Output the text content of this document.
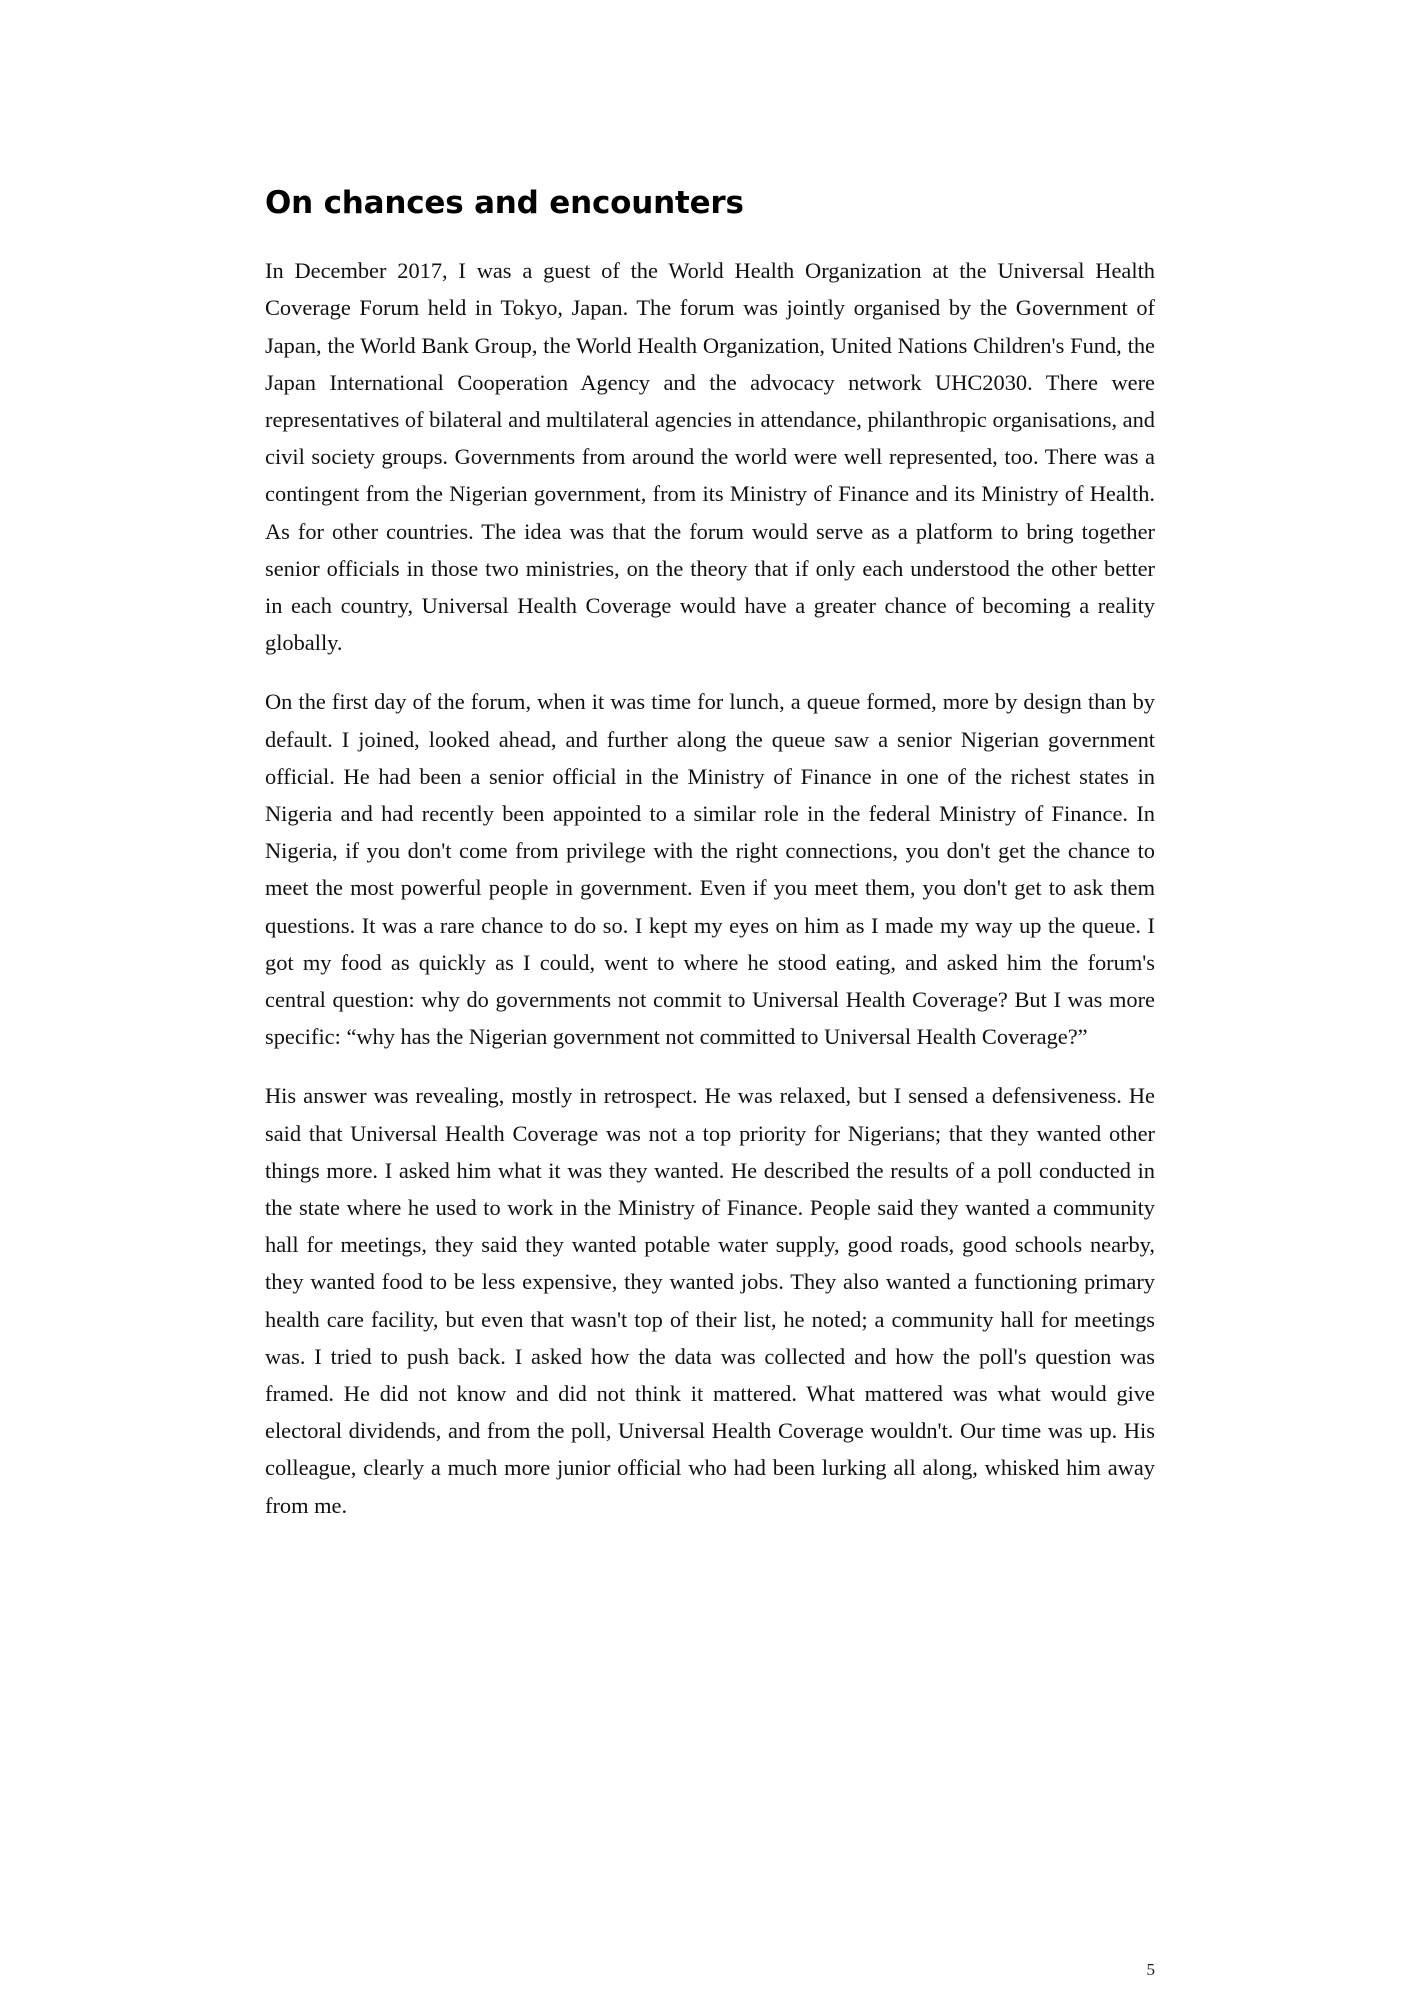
On chances and encounters

In December 2017, I was a guest of the World Health Organization at the Universal Health Coverage Forum held in Tokyo, Japan. The forum was jointly organised by the Government of Japan, the World Bank Group, the World Health Organization, United Nations Children's Fund, the Japan International Cooperation Agency and the advocacy network UHC2030. There were representatives of bilateral and multilateral agencies in attendance, philanthropic organisations, and civil society groups. Governments from around the world were well represented, too. There was a contingent from the Nigerian government, from its Ministry of Finance and its Ministry of Health. As for other countries. The idea was that the forum would serve as a platform to bring together senior officials in those two ministries, on the theory that if only each understood the other better in each country, Universal Health Coverage would have a greater chance of becoming a reality globally.

On the first day of the forum, when it was time for lunch, a queue formed, more by design than by default. I joined, looked ahead, and further along the queue saw a senior Nigerian government official. He had been a senior official in the Ministry of Finance in one of the richest states in Nigeria and had recently been appointed to a similar role in the federal Ministry of Finance. In Nigeria, if you don't come from privilege with the right connections, you don't get the chance to meet the most powerful people in government. Even if you meet them, you don't get to ask them questions. It was a rare chance to do so. I kept my eyes on him as I made my way up the queue. I got my food as quickly as I could, went to where he stood eating, and asked him the forum's central question: why do governments not commit to Universal Health Coverage? But I was more specific: “why has the Nigerian government not committed to Universal Health Coverage?”

His answer was revealing, mostly in retrospect. He was relaxed, but I sensed a defensiveness. He said that Universal Health Coverage was not a top priority for Nigerians; that they wanted other things more. I asked him what it was they wanted. He described the results of a poll conducted in the state where he used to work in the Ministry of Finance. People said they wanted a community hall for meetings, they said they wanted potable water supply, good roads, good schools nearby, they wanted food to be less expensive, they wanted jobs. They also wanted a functioning primary health care facility, but even that wasn't top of their list, he noted; a community hall for meetings was. I tried to push back. I asked how the data was collected and how the poll's question was framed. He did not know and did not think it mattered. What mattered was what would give electoral dividends, and from the poll, Universal Health Coverage wouldn't. Our time was up. His colleague, clearly a much more junior official who had been lurking all along, whisked him away from me.

5
